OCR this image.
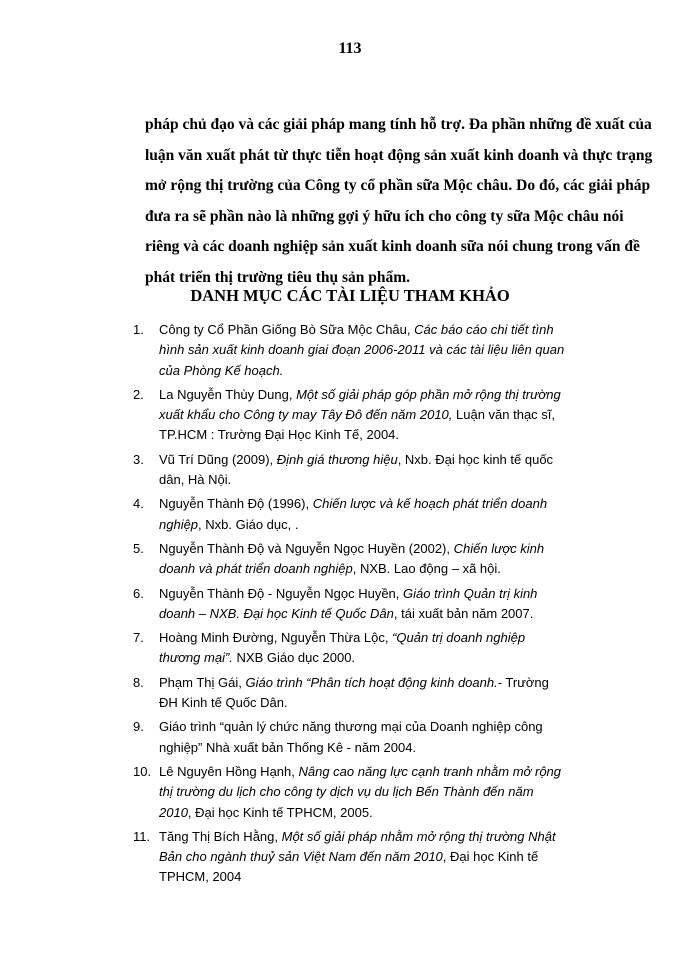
113
pháp chủ đạo và các giải pháp mang tính hỗ trợ. Đa phần những đề xuất của
luận văn xuất phát từ thực tiễn hoạt động sản xuất kinh doanh và thực trạng
mở rộng thị trường của Công ty cổ phần sữa Mộc châu. Do đó, các giải pháp
đưa ra sẽ phần nào là những gợi ý hữu ích cho công ty sữa Mộc châu nói
riêng và các doanh nghiệp sản xuất kinh doanh sữa nói chung trong vấn đề
phát triển thị trường tiêu thụ sản phẩm.
DANH MỤC CÁC TÀI LIỆU THAM KHẢO
1. Công ty Cổ Phần Giống Bò Sữa Mộc Châu, Các báo cáo chi tiết tình hình sản xuất kinh doanh giai đoạn 2006-2011 và các tài liệu liên quan của Phòng Kế hoạch.
2. La Nguyễn Thùy Dung, Một số giải pháp góp phần mở rộng thị trường xuất khẩu cho Công ty may Tây Đô đến năm 2010, Luận văn thạc sĩ, TP.HCM : Trường Đại Học Kinh Tế, 2004.
3. Vũ Trí Dũng (2009), Định giá thương hiệu, Nxb. Đại học kinh tế quốc dân, Hà Nội.
4. Nguyễn Thành Độ (1996), Chiến lược và kế hoạch phát triển doanh nghiệp, Nxb. Giáo dục, .
5. Nguyễn Thành Độ và Nguyễn Ngọc Huyền (2002), Chiến lược kinh doanh và phát triển doanh nghiệp, NXB. Lao động – xã hội.
6. Nguyễn Thành Độ - Nguyễn Ngọc Huyền, Giáo trình Quản trị kinh doanh – NXB. Đại học Kinh tế Quốc Dân, tái xuất bản năm 2007.
7. Hoàng Minh Đường, Nguyễn Thừa Lộc, “Quản trị doanh nghiệp thương mại”. NXB Giáo dục 2000.
8. Phạm Thị Gái, Giáo trình “Phân tích hoạt động kinh doanh.- Trường ĐH Kinh tế Quốc Dân.
9. Giáo trình “quản lý chức năng thương mại của Doanh nghiệp công nghiệp” Nhà xuất bản Thống Kê - năm 2004.
10. Lê Nguyên Hồng Hạnh, Nâng cao năng lực cạnh tranh nhằm mở rộng thị trường du lịch cho công ty dịch vụ du lịch Bến Thành đến năm 2010, Đại học Kinh tế TPHCM, 2005.
11. Tăng Thị Bích Hằng, Một số giải pháp nhằm mở rộng thị trường Nhật Bản cho ngành thuỷ sản Việt Nam đến năm 2010, Đại học Kinh tế TPHCM, 2004
